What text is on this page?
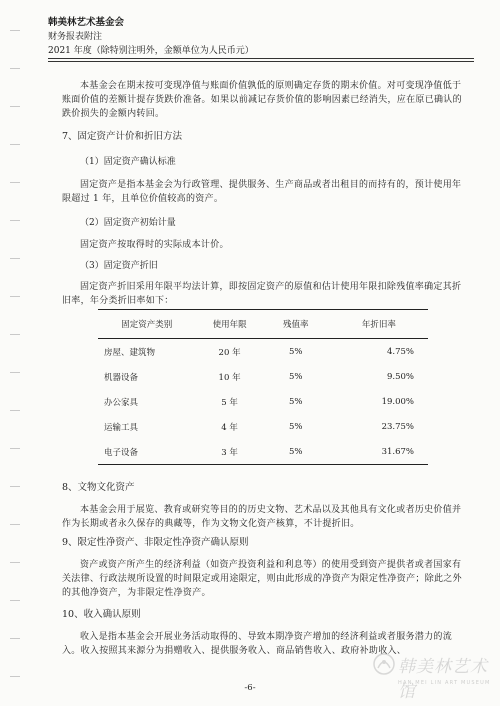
韩美林艺术基金会
财务报表附注
2021 年度（除特别注明外，金额单位为人民币元）
本基金会在期末按可变现净值与账面价值孰低的原则确定存货的期末价值。对可变现净值低于账面价值的差额计提存货跌价准备。如果以前减记存货价值的影响因素已经消失，应在原已确认的跌价损失的金额内转回。
7、固定资产计价和折旧方法
（1）固定资产确认标准
固定资产是指本基金会为行政管理、提供服务、生产商品或者出租目的而持有的，预计使用年限超过 1 年，且单位价值较高的资产。
（2）固定资产初始计量
固定资产按取得时的实际成本计价。
（3）固定资产折旧
固定资产折旧采用年限平均法计算，即按固定资产的原值和估计使用年限扣除残值率确定其折旧率，年分类折旧率如下：
固定资产类别	使用年限	残值率	年折旧率
房屋、建筑物	20 年	5%	4.75%
机器设备	10 年	5%	9.50%
办公家具	5 年	5%	19.00%
运输工具	4 年	5%	23.75%
电子设备	3 年	5%	31.67%
8、文物文化资产
本基金会用于展览、教育或研究等目的的历史文物、艺术品以及其他具有文化或者历史价值并作为长期或者永久保存的典藏等，作为文物文化资产核算，不计提折旧。
9、限定性净资产、非限定性净资产确认原则
资产或资产所产生的经济利益（如资产投资利益和利息等）的使用受到资产提供者或者国家有关法律、行政法规所设置的时间限定或用途限定，则由此形成的净资产为限定性净资产；除此之外的其他净资产，为非限定性净资产。
10、收入确认原则
收入是指本基金会开展业务活动取得的、导致本期净资产增加的经济利益或者服务潜力的流入。收入按照其来源分为捐赠收入、提供服务收入、商品销售收入、政府补助收入、
-6-
韩美林艺术馆
HAN MEI LIN ART MUSEUM
